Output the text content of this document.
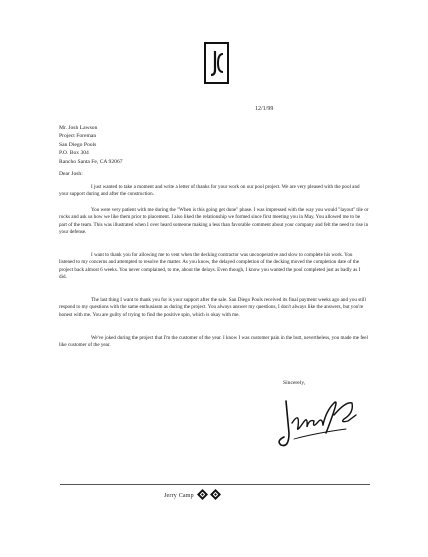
12/1/99
Mr. Josh Lawson
Project Foreman
San Diego Pools
P.O. Box 304
Rancho Santa Fe, CA 92067
Dear Josh:

I just wanted to take a moment and write a letter of thanks for your work on our pool project. We are very pleased with the pool and your support during and after the construction.

You were very patient with me during the "When is this going get done" phase. I was impressed with the way you would "layout" tile or rocks and ask us how we like them prior to placement. I also liked the relationship we formed since first meeting you in May. You allowed me to be part of the team. This was illustrated when I over heard someone making a less than favorable comment about your company and felt the need to rise in your defense.

I want to thank you for allowing me to vent when the decking contractor was uncooperative and slow to complete his work. You listened to my concerns and attempted to resolve the matter. As you know, the delayed completion of the decking moved the completion date of the project back almost 6 weeks. You never complained, to me, about the delays. Even though, I know you wanted the pool completed just as badly as I did.

The last thing I want to thank you for is your support after the sale. San Diego Pools received its final payment weeks ago and you still respond to my questions with the same enthusiasm as during the project. You always answer my questions, I don't always like the answers, but you're honest with me. You are guilty of trying to find the positive spin, which is okay with me.

We've joked during the project that I'm the customer of the year. I know I was customer pain in the butt, nevertheless, you made me feel like customer of the year.

Sincerely,
Jerry Camp
